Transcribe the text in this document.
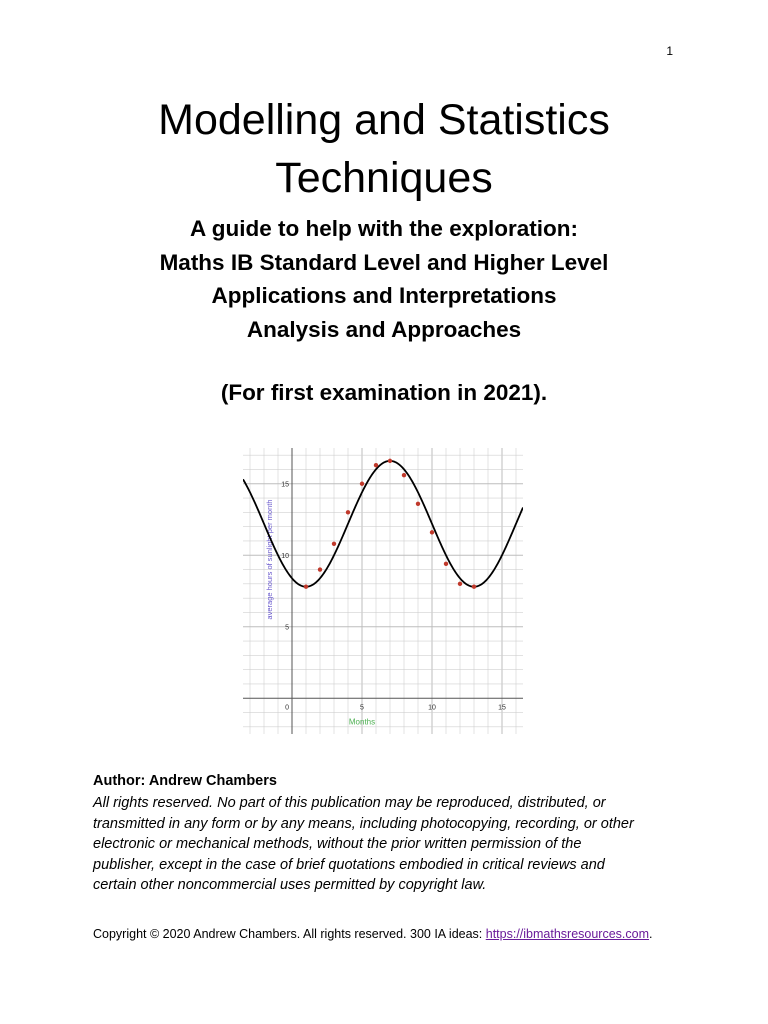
1
Modelling and Statistics
Techniques
A guide to help with the exploration:
Maths IB Standard Level and Higher Level
Applications and Interpretations
Analysis and Approaches
(For first examination in 2021).
0	5	10	15
5
10
15
Months
average hours of sunlight per month
Author: Andrew Chambers
All rights reserved. No part of this publication may be reproduced, distributed, or
transmitted in any form or by any means, including photocopying, recording, or other
electronic or mechanical methods, without the prior written permission of the
publisher, except in the case of brief quotations embodied in critical reviews and
certain other noncommercial uses permitted by copyright law.
Copyright © 2020 Andrew Chambers. All rights reserved. 300 IA ideas: https://ibmathsresources.com.
